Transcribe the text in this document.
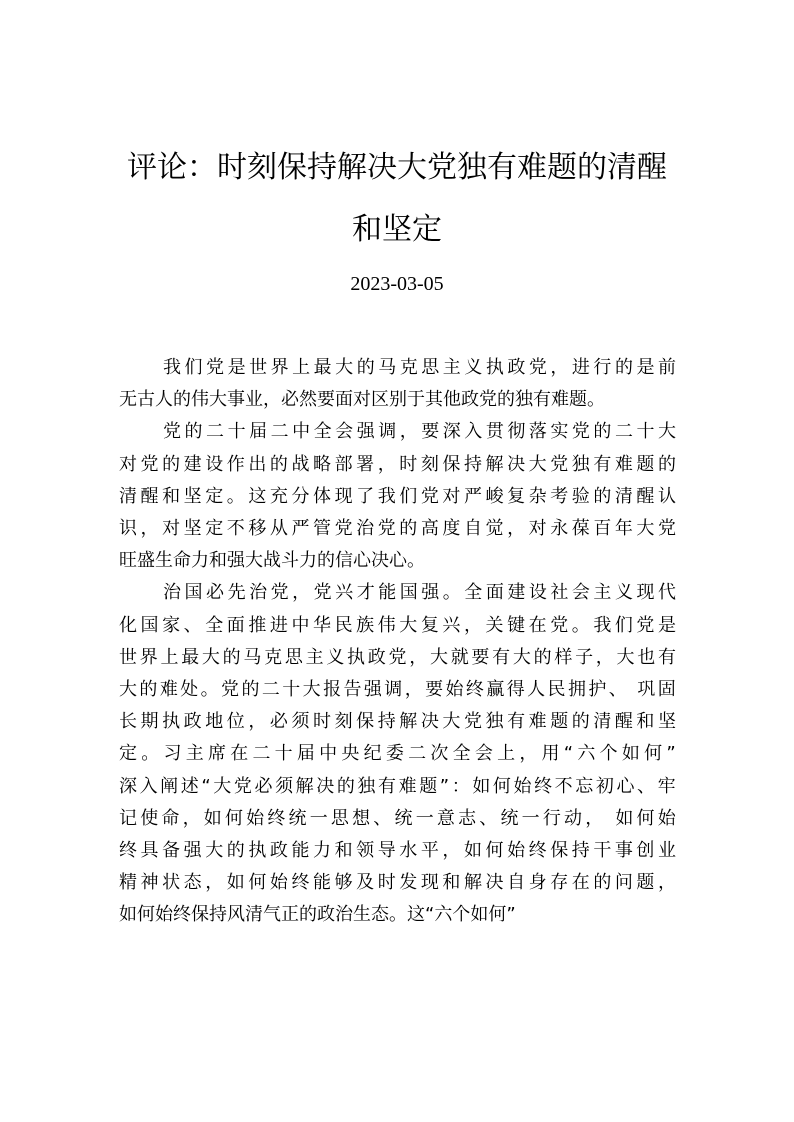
评论：时刻保持解决大党独有难题的清醒
和坚定
2023-03-05
我们党是世界上最大的马克思主义执政党，进行的是前
无古人的伟大事业，必然要面对区别于其他政党的独有难题。
党的二十届二中全会强调，要深入贯彻落实党的二十大
对党的建设作出的战略部署，时刻保持解决大党独有难题的
清醒和坚定。这充分体现了我们党对严峻复杂考验的清醒认
识，对坚定不移从严管党治党的高度自觉，对永葆百年大党
旺盛生命力和强大战斗力的信心决心。
治国必先治党，党兴才能国强。全面建设社会主义现代
化国家、全面推进中华民族伟大复兴，关键在党。我们党是
世界上最大的马克思主义执政党，大就要有大的样子，大也有
大的难处。党的二十大报告强调，要始终赢得人民拥护、 巩固
长期执政地位，必须时刻保持解决大党独有难题的清醒和坚
定。习主席在二十届中央纪委二次全会上，用“六个如何”
深入阐述“大党必须解决的独有难题”：如何始终不忘初心、牢
记使命，如何始终统一思想、统一意志、统一行动， 如何始
终具备强大的执政能力和领导水平，如何始终保持干事创业
精神状态，如何始终能够及时发现和解决自身存在的问题，
如何始终保持风清气正的政治生态。这“六个如何”
